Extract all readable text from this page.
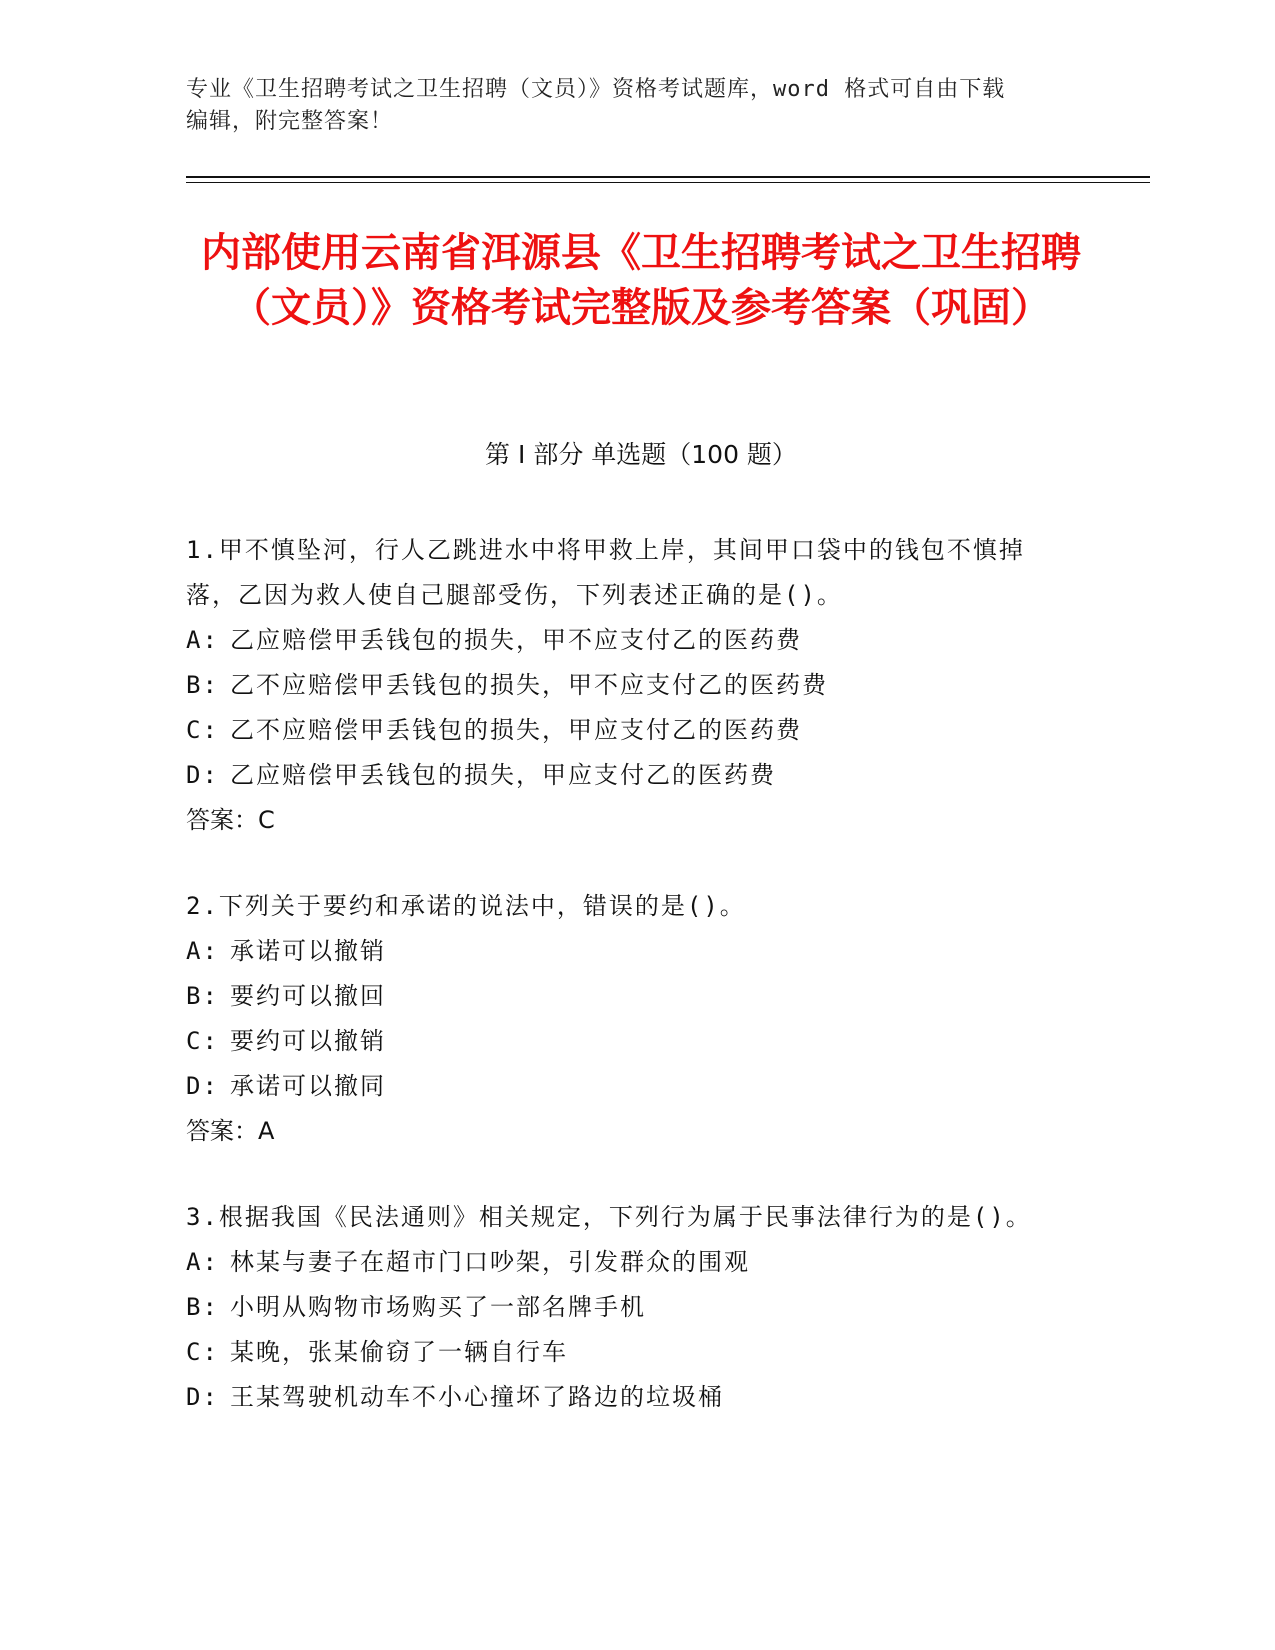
专业《卫生招聘考试之卫生招聘（文员）》资格考试题库，word 格式可自由下载
编辑，附完整答案！
内部使用云南省洱源县《卫生招聘考试之卫生招聘（文员）》资格考试完整版及参考答案（巩固）
第 I 部分 单选题（100 题）
1.甲不慎坠河，行人乙跳进水中将甲救上岸，其间甲口袋中的钱包不慎掉落，乙因为救人使自己腿部受伤，下列表述正确的是()。
A: 乙应赔偿甲丢钱包的损失，甲不应支付乙的医药费
B: 乙不应赔偿甲丢钱包的损失，甲不应支付乙的医药费
C: 乙不应赔偿甲丢钱包的损失，甲应支付乙的医药费
D: 乙应赔偿甲丢钱包的损失，甲应支付乙的医药费
答案：C
2.下列关于要约和承诺的说法中，错误的是()。
A: 承诺可以撤销
B: 要约可以撤回
C: 要约可以撤销
D: 承诺可以撤同
答案：A
3.根据我国《民法通则》相关规定，下列行为属于民事法律行为的是()。
A: 林某与妻子在超市门口吵架，引发群众的围观
B: 小明从购物市场购买了一部名牌手机
C: 某晚，张某偷窃了一辆自行车
D: 王某驾驶机动车不小心撞坏了路边的垃圾桶
